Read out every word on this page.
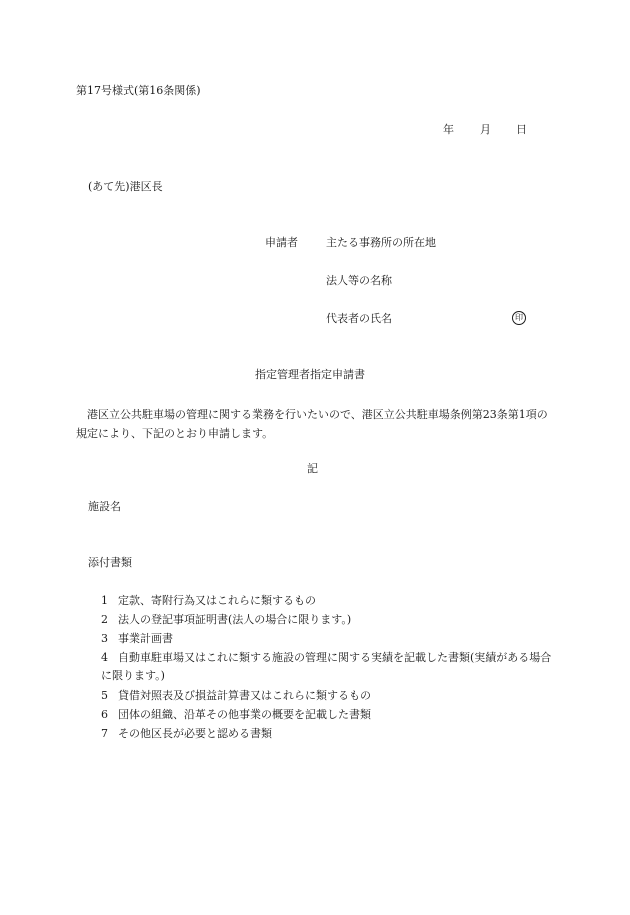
第17号様式(第16条関係)
年 月 日
(あて先)港区長
申請者	主たる事務所の所在地
法人等の名称
代表者の氏名	印
指定管理者指定申請書
港区立公共駐車場の管理に関する業務を行いたいので、港区立公共駐車場条例第23条第1項の規定により、下記のとおり申請します。
記
施設名
添付書類
1 定款、寄附行為又はこれらに類するもの
2 法人の登記事項証明書(法人の場合に限ります。)
3 事業計画書
4 自動車駐車場又はこれに類する施設の管理に関する実績を記載した書類(実績がある場合に限ります。)
5 貸借対照表及び損益計算書又はこれらに類するもの
6 団体の組織、沿革その他事業の概要を記載した書類
7 その他区長が必要と認める書類
